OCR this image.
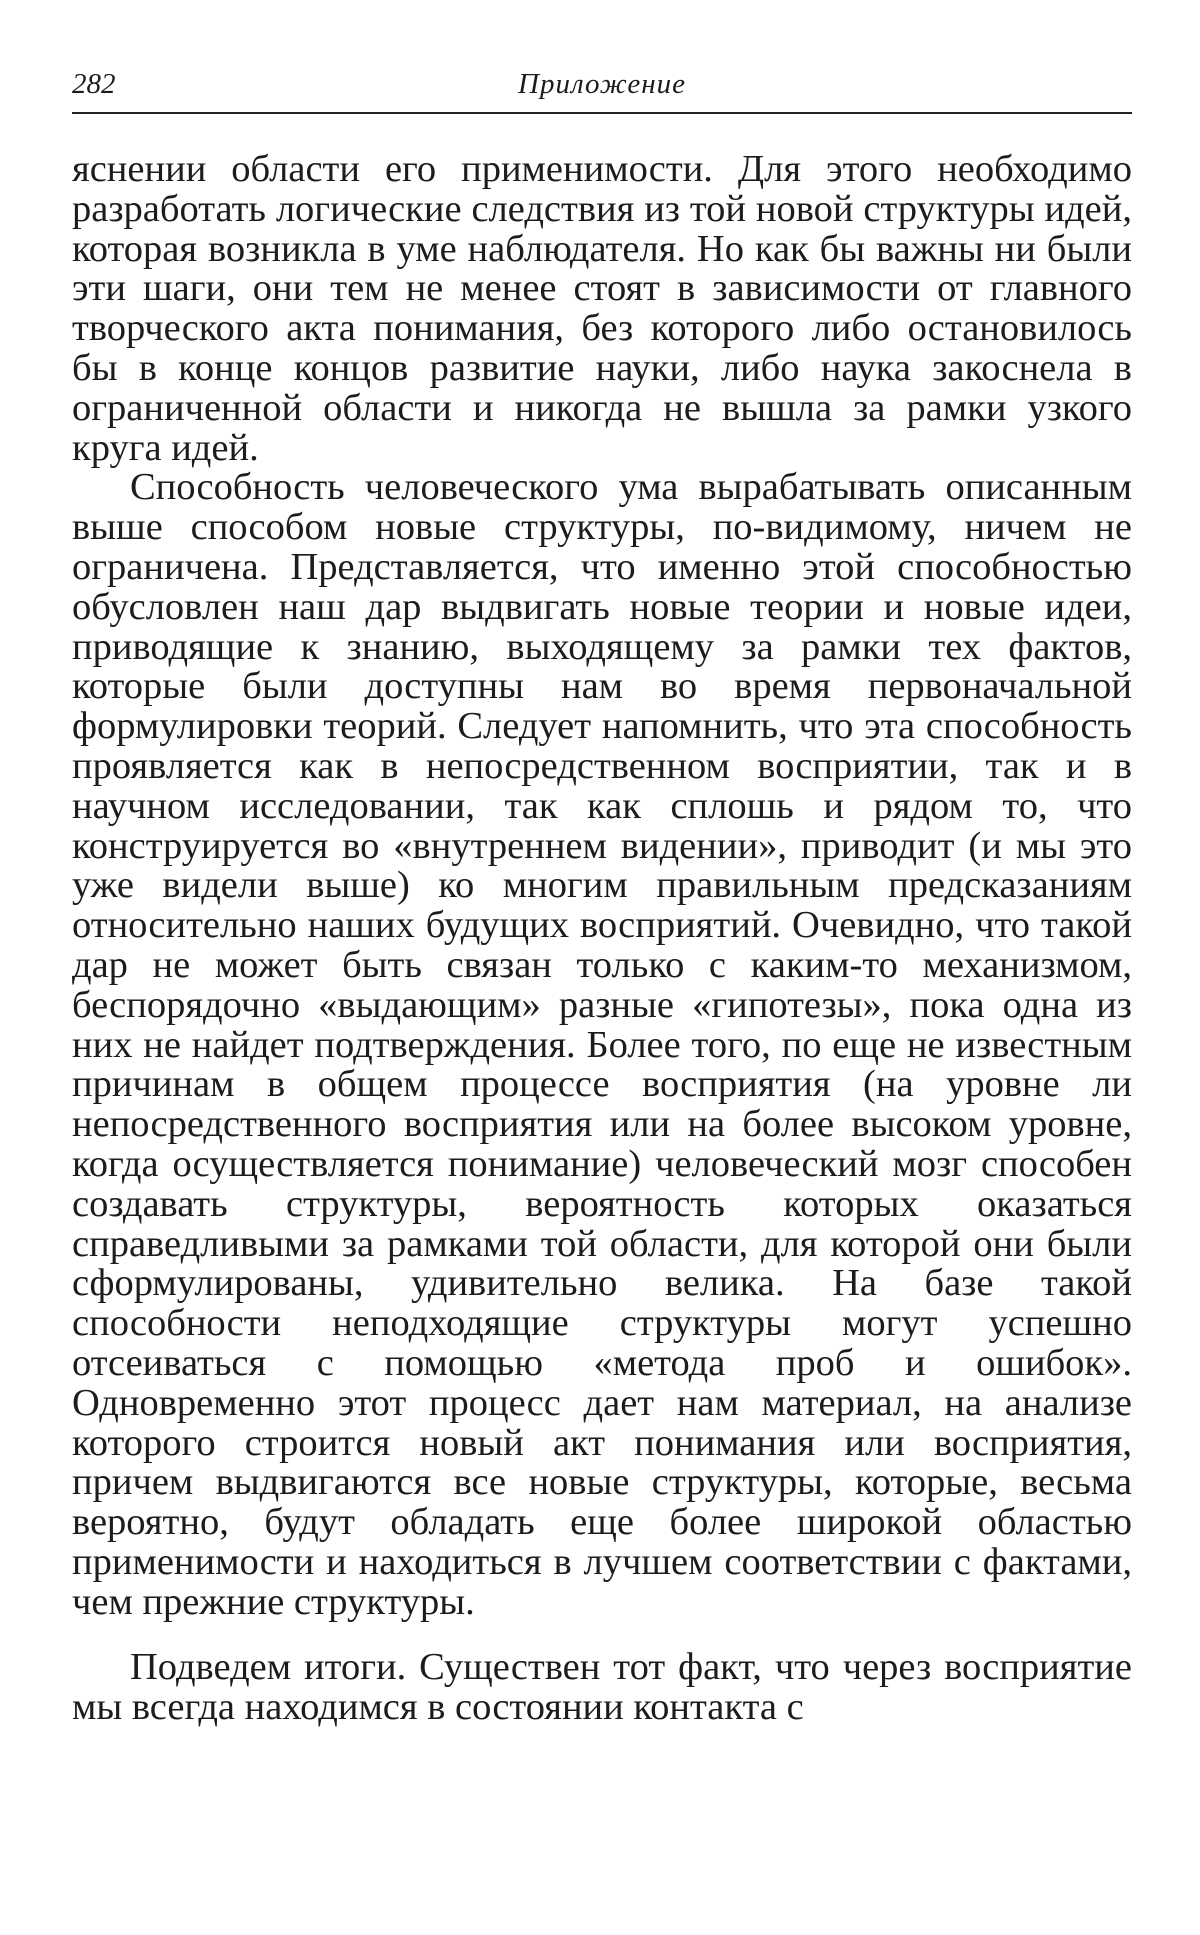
282	Приложение

яснении области его применимости. Для этого необходимо разработать логические следствия из той новой структуры идей, которая возникла в уме наблюдателя. Но как бы важны ни были эти шаги, они тем не менее стоят в зависимости от главного творческого акта понимания, без которого либо остановилось бы в конце концов развитие науки, либо наука закоснела в ограниченной области и никогда не вышла за рамки узкого круга идей.

Способность человеческого ума вырабатывать описанным выше способом новые структуры, по-видимому, ничем не ограничена. Представляется, что именно этой способностью обусловлен наш дар выдвигать новые теории и новые идеи, приводящие к знанию, выходящему за рамки тех фактов, которые были доступны нам во время первоначальной формулировки теорий. Следует напомнить, что эта способность проявляется как в непосредственном восприятии, так и в научном исследовании, так как сплошь и рядом то, что конструируется во «внутреннем видении», приводит (и мы это уже видели выше) ко многим правильным предсказаниям относительно наших будущих восприятий. Очевидно, что такой дар не может быть связан только с каким-то механизмом, беспорядочно «выдающим» разные «гипотезы», пока одна из них не найдет подтверждения. Более того, по еще не известным причинам в общем процессе восприятия (на уровне ли непосредственного восприятия или на более высоком уровне, когда осуществляется понимание) человеческий мозг способен создавать структуры, вероятность которых оказаться справедливыми за рамками той области, для которой они были сформулированы, удивительно велика. На базе такой способности неподходящие структуры могут успешно отсеиваться с помощью «метода проб и ошибок». Одновременно этот процесс дает нам материал, на анализе которого строится новый акт понимания или восприятия, причем выдвигаются все новые структуры, которые, весьма вероятно, будут обладать еще более широкой областью применимости и находиться в лучшем соответствии с фактами, чем прежние структуры.

Подведем итоги. Существен тот факт, что через восприятие мы всегда находимся в состоянии контакта с
